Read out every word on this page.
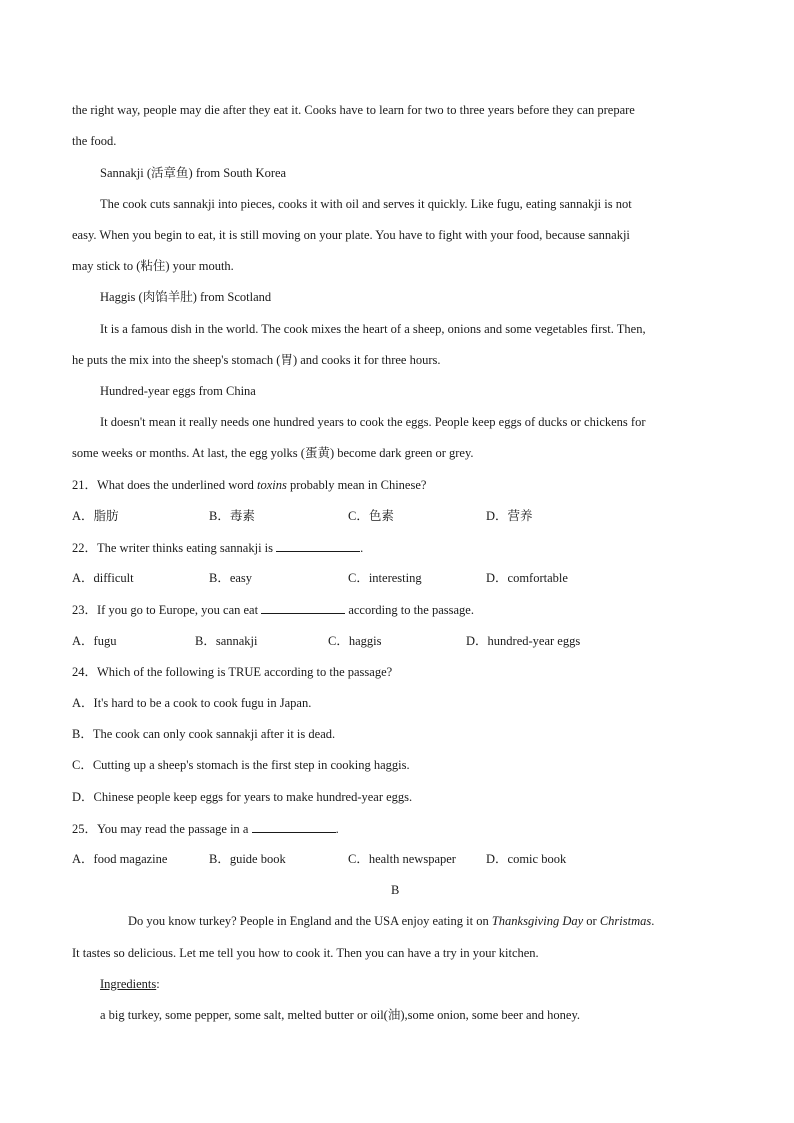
the right way, people may die after they eat it. Cooks have to learn for two to three years before they can prepare
the food.
Sannakji (活章鱼) from South Korea
The cook cuts sannakji into pieces, cooks it with oil and serves it quickly. Like fugu, eating sannakji is not
easy. When you begin to eat, it is still moving on your plate. You have to fight with your food, because sannakji
may stick to (粘住) your mouth.
Haggis (肉馅羊肚) from Scotland
It is a famous dish in the world. The cook mixes the heart of a sheep, onions and some vegetables first. Then,
he puts the mix into the sheep's stomach (胃) and cooks it for three hours.
Hundred-year eggs from China
It doesn't mean it really needs one hundred years to cook the eggs. People keep eggs of ducks or chickens for
some weeks or months. At last, the egg yolks (蛋黄) become dark green or grey.
21．What does the underlined word toxins probably mean in Chinese?
A．脂肪	B．毒素	C．色素	D．营养
22．The writer thinks eating sannakji is	.
A．difficult	B．easy	C．interesting	D．comfortable
23．If you go to Europe, you can eat	according to the passage.
A．fugu	B．sannakji	C．haggis	D．hundred-year eggs
24．Which of the following is TRUE according to the passage?
A．It's hard to be a cook to cook fugu in Japan.
B．The cook can only cook sannakji after it is dead.
C．Cutting up a sheep's stomach is the first step in cooking haggis.
D．Chinese people keep eggs for years to make hundred-year eggs.
25．You may read the passage in a	.
A．food magazine	B．guide book	C．health newspaper D．comic book
B
Do you know turkey? People in England and the USA enjoy eating it on Thanksgiving Day or Christmas.
It tastes so delicious. Let me tell you how to cook it. Then you can have a try in your kitchen.
Ingredients:
a big turkey, some pepper, some salt, melted butter or oil(油),some onion, some beer and honey.
